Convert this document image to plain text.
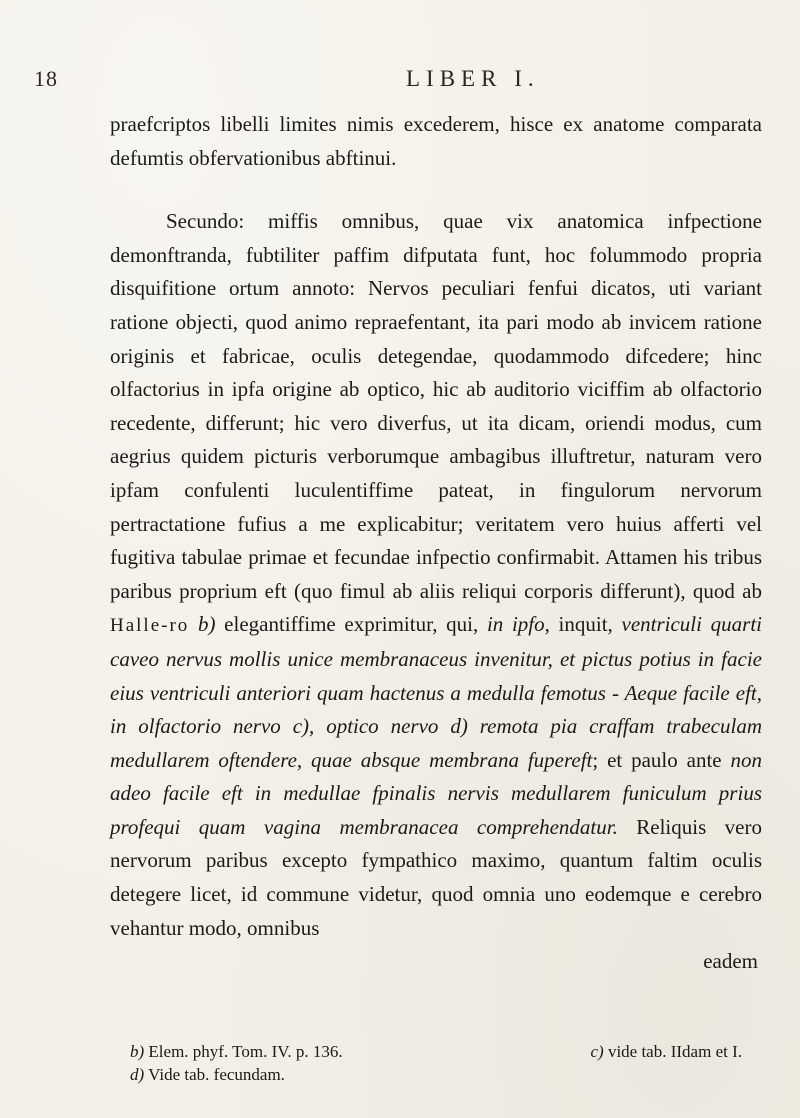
18	LIBER I.

praefcriptos libelli limites nimis excederem, hisce ex anatome comparata defumtis obfervationibus abftinui.

Secundo: miffis omnibus, quae vix anatomica infpectione demonftranda, fubtiliter paffim difputata funt, hoc folummodo propria disquifitione ortum annoto: Nervos peculiari fenfui dicatos, uti variant ratione objecti, quod animo repraefentant, ita pari modo ab invicem ratione originis et fabricae, oculis detegendae, quodammodo difcedere; hinc olfactorius in ipfa origine ab optico, hic ab auditorio viciffim ab olfactorio recedente, differunt; hic vero diverfus, ut ita dicam, oriendi modus, cum aegrius quidem picturis verborumque ambagibus illuftretur, naturam vero ipfam confulenti luculentiffime pateat, in fingulorum nervorum pertractatione fufius a me explicabitur; veritatem vero huius afferti vel fugitiva tabulae primae et fecundae infpectio confirmabit. Attamen his tribus paribus proprium eft (quo fimul ab aliis reliqui corporis differunt), quod ab Halle-ro b) elegantiffime exprimitur, qui, in ipfo, inquit, ventriculi quarti caveo nervus mollis unice membranaceus invenitur, et pictus potius in facie eius ventriculi anteriori quam hactenus a medulla femotus - Aeque facile eft, in olfactorio nervo c), optico nervo d) remota pia craffam trabeculam medullarem oftendere, quae absque membrana fupereft; et paulo ante non adeo facile eft in medullae fpinalis nervis medullarem funiculum prius profequi quam vagina membranacea comprehendatur. Reliquis vero nervorum paribus excepto fympathico maximo, quantum faltim oculis detegere licet, id commune videtur, quod omnia uno eodemque e cerebro vehantur modo, omnibus

eadem
b) Elem. phyf. Tom. IV. p. 136.	c) vide tab. IIdam et I.
d) Vide tab. fecundam.
